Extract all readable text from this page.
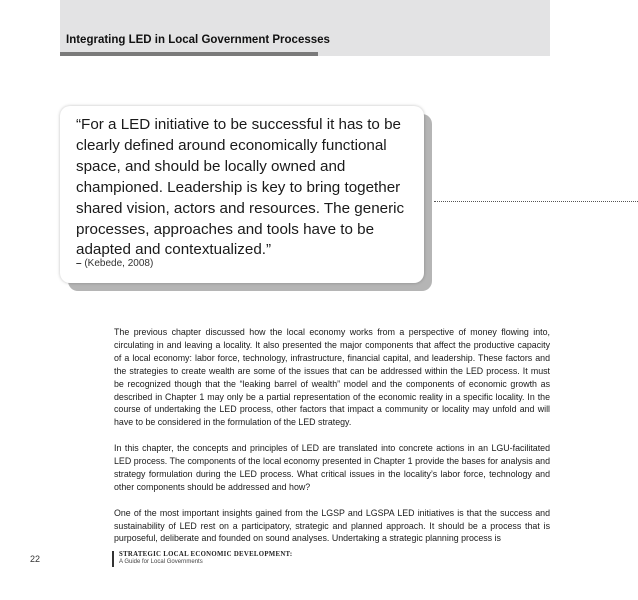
Integrating LED in Local Government Processes
“For a LED initiative to be successful it has to be clearly defined around economically functional space, and should be locally owned and championed. Leadership is key to bring together shared vision, actors and resources. The generic processes, approaches and tools have to be adapted and contextualized.”
– (Kebede, 2008)

The previous chapter discussed how the local economy works from a perspective of money flowing into, circulating in and leaving a locality. It also presented the major components that affect the productive capacity of a local economy: labor force, technology, infrastructure, financial capital, and leadership. These factors and the strategies to create wealth are some of the issues that can be addressed within the LED process. It must be recognized though that the “leaking barrel of wealth” model and the components of economic growth as described in Chapter 1 may only be a partial representation of the economic reality in a specific locality. In the course of undertaking the LED process, other factors that impact a community or locality may unfold and will have to be considered in the formulation of the LED strategy.

In this chapter, the concepts and principles of LED are translated into concrete actions in an LGU-facilitated LED process. The components of the local economy presented in Chapter 1 provide the bases for analysis and strategy formulation during the LED process. What critical issues in the locality’s labor force, technology and other components should be addressed and how?

One of the most important insights gained from the LGSP and LGSPA LED initiatives is that the success and sustainability of LED rest on a participatory, strategic and planned approach. It should be a process that is purposeful, deliberate and founded on sound analyses. Undertaking a strategic planning process is

22	STRATEGIC LOCAL ECONOMIC DEVELOPMENT:
A Guide for Local Governments
